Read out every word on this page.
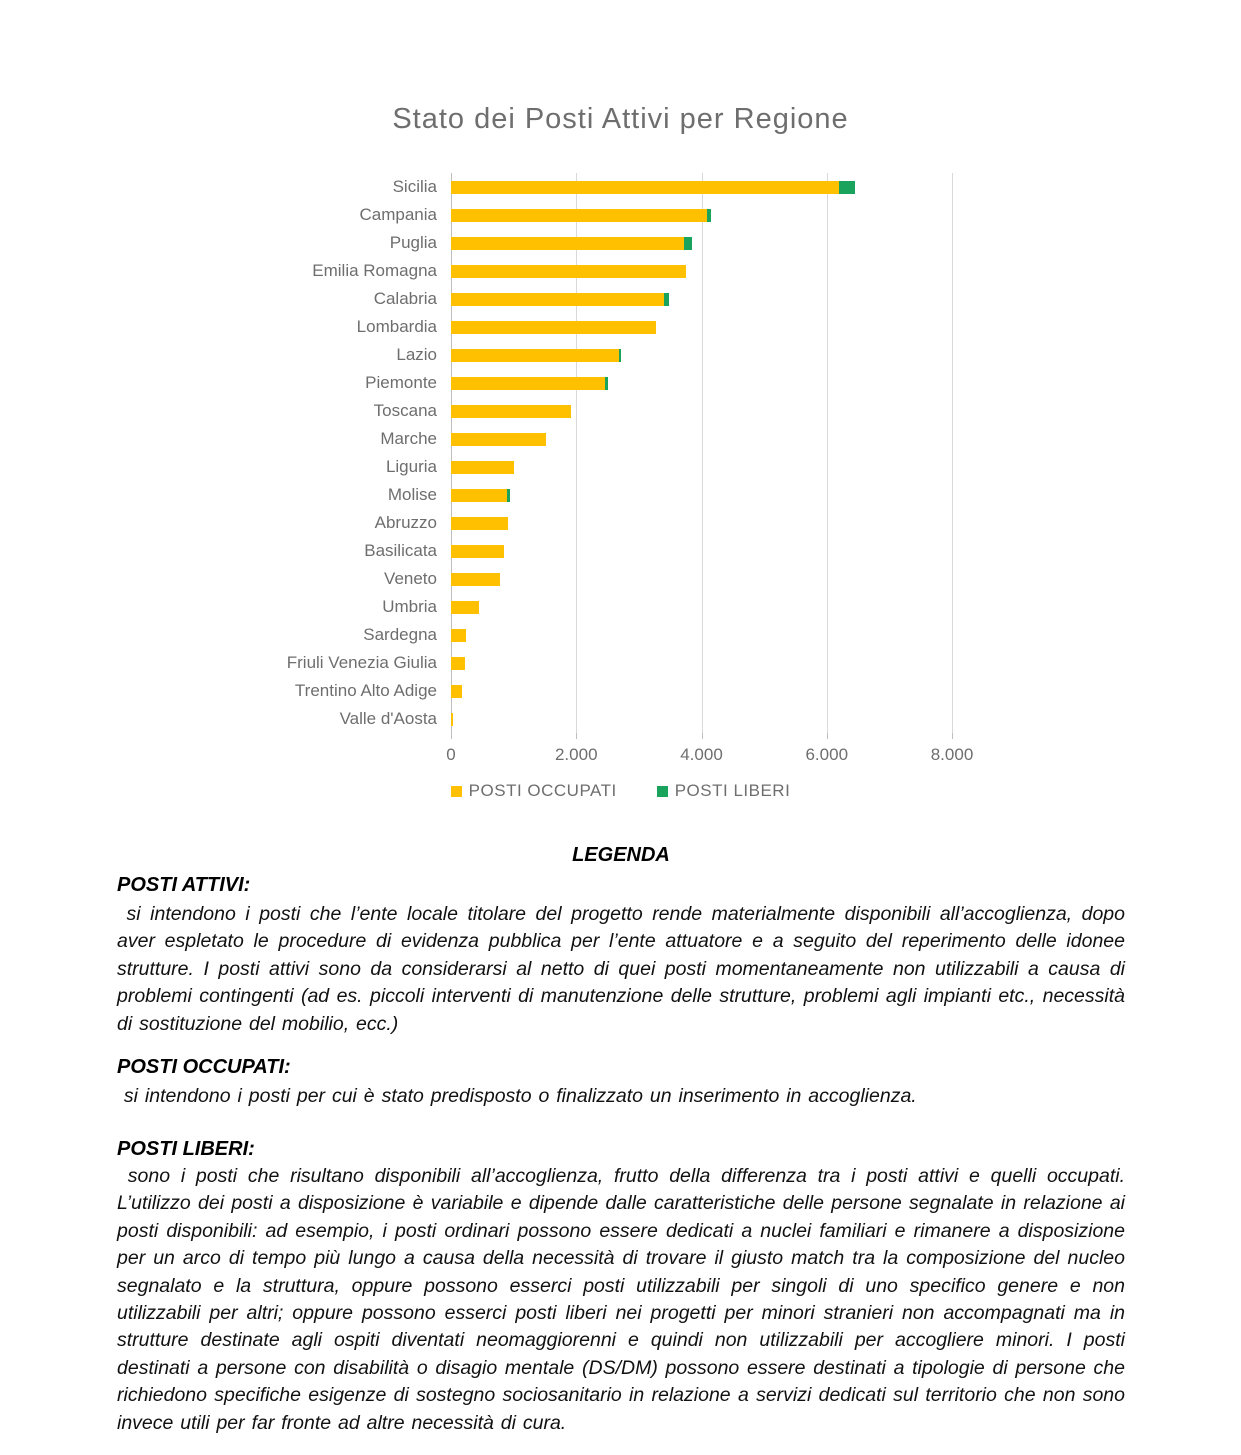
Stato dei Posti Attivi per Regione
Sicilia
Campania
Puglia
Emilia Romagna
Calabria
Lombardia
Lazio
Piemonte
Toscana
Marche
Liguria
Molise
Abruzzo
Basilicata
Veneto
Umbria
Sardegna
Friuli Venezia Giulia
Trentino Alto Adige
Valle d'Aosta
0	2.000	4.000	6.000	8.000
POSTI OCCUPATI	POSTI LIBERI
LEGENDA
POSTI ATTIVI:
si intendono i posti che l’ente locale titolare del progetto rende materialmente disponibili all’accoglienza, dopo aver espletato le procedure di evidenza pubblica per l’ente attuatore e a seguito del reperimento delle idonee strutture. I posti attivi sono da considerarsi al netto di quei posti momentaneamente non utilizzabili a causa di problemi contingenti (ad es. piccoli interventi di manutenzione delle strutture, problemi agli impianti etc., necessità di sostituzione del mobilio, ecc.)
POSTI OCCUPATI:
si intendono i posti per cui è stato predisposto o finalizzato un inserimento in accoglienza.
POSTI LIBERI:
sono i posti che risultano disponibili all’accoglienza, frutto della differenza tra i posti attivi e quelli occupati. L’utilizzo dei posti a disposizione è variabile e dipende dalle caratteristiche delle persone segnalate in relazione ai posti disponibili: ad esempio, i posti ordinari possono essere dedicati a nuclei familiari e rimanere a disposizione per un arco di tempo più lungo a causa della necessità di trovare il giusto match tra la composizione del nucleo segnalato e la struttura, oppure possono esserci posti utilizzabili per singoli di uno specifico genere e non utilizzabili per altri; oppure possono esserci posti liberi nei progetti per minori stranieri non accompagnati ma in strutture destinate agli ospiti diventati neomaggiorenni e quindi non utilizzabili per accogliere minori. I posti destinati a persone con disabilità o disagio mentale (DS/DM) possono essere destinati a tipologie di persone che richiedono specifiche esigenze di sostegno sociosanitario in relazione a servizi dedicati sul territorio che non sono invece utili per far fronte ad altre necessità di cura.
